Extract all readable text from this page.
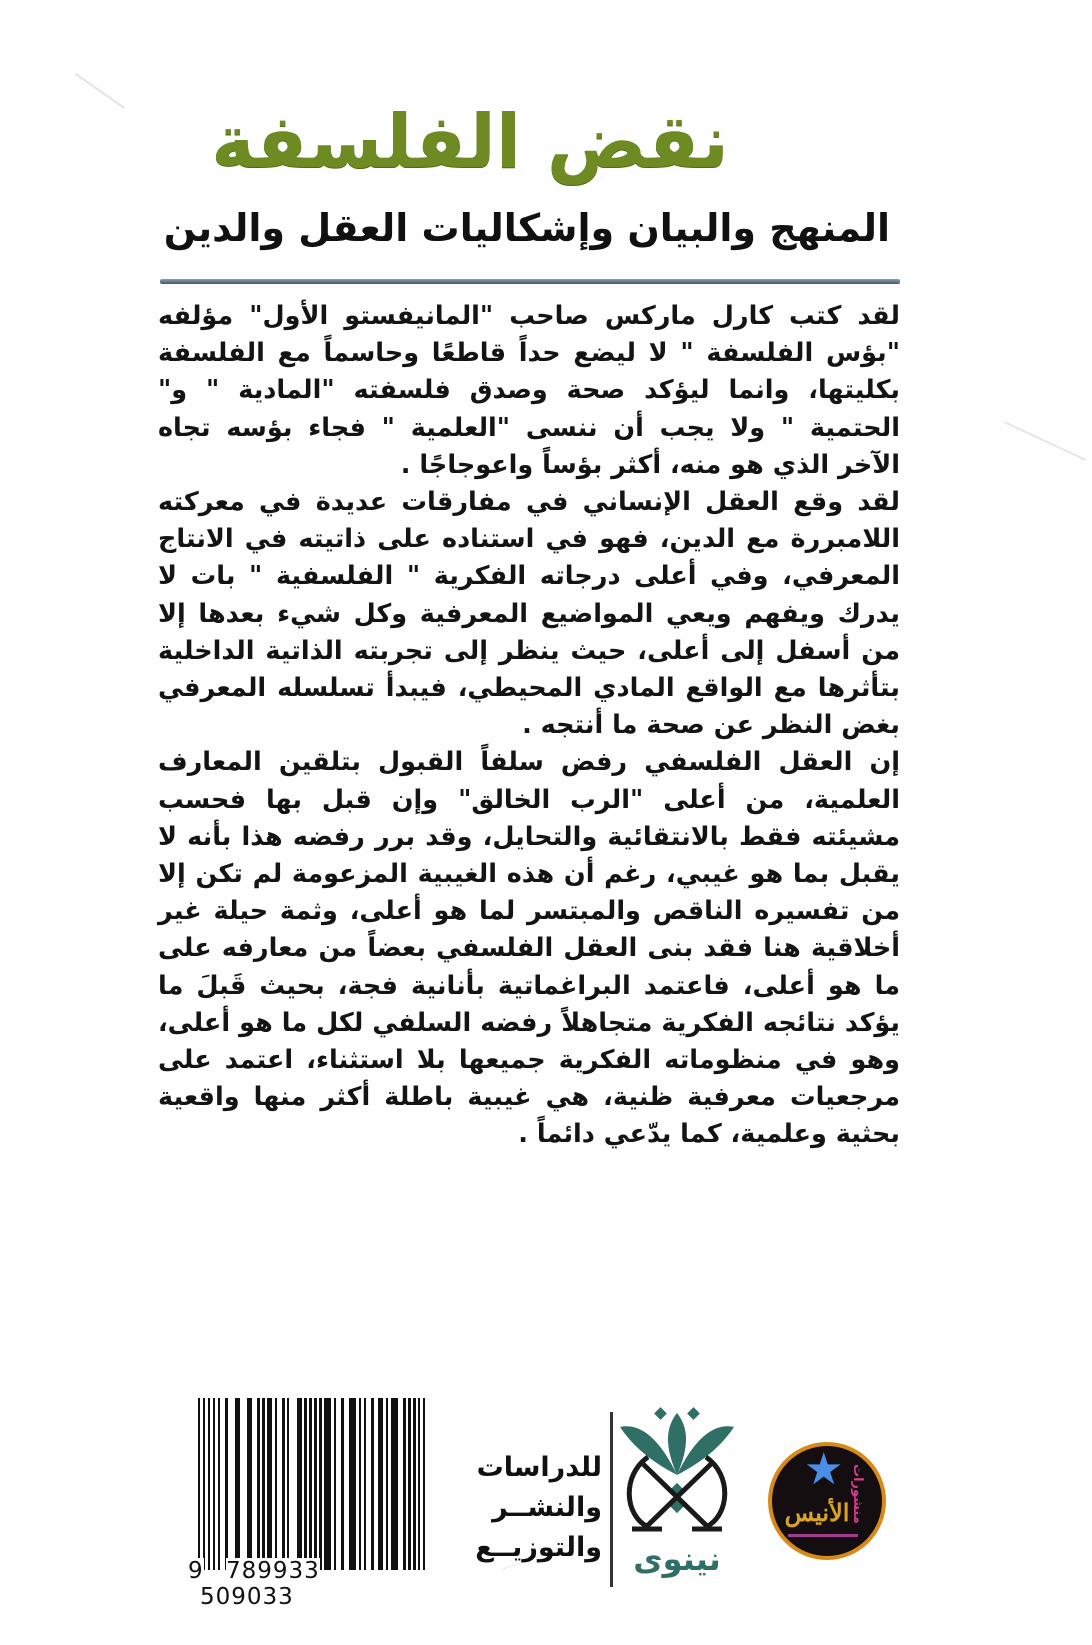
نقض الفلسفة
المنهج والبيان وإشكاليات العقل والدين

لقد كتب كارل ماركس صاحب "المانيفستو الأول" مؤلفه "بؤس الفلسفة " لا ليضع حداً قاطعًا وحاسماً مع الفلسفة بكليتها، وانما ليؤكد صحة وصدق فلسفته "المادية " و" الحتمية " ولا يجب أن ننسى "العلمية " فجاء بؤسه تجاه الآخر الذي هو منه، أكثر بؤساً واعوجاجًا .

لقد وقع العقل الإنساني في مفارقات عديدة في معركته اللامبررة مع الدين، فهو في استناده على ذاتيته في الانتاج المعرفي، وفي أعلى درجاته الفكرية " الفلسفية " بات لا يدرك ويفهم ويعي المواضيع المعرفية وكل شيء بعدها إلا من أسفل إلى أعلى، حيث ينظر إلى تجربته الذاتية الداخلية بتأثرها مع الواقع المادي المحيطي، فيبدأ تسلسله المعرفي بغض النظر عن صحة ما أنتجه .

إن العقل الفلسفي رفض سلفاً القبول بتلقين المعارف العلمية، من أعلى "الرب الخالق" وإن قبل بها فحسب مشيئته فقط بالانتقائية والتحايل، وقد برر رفضه هذا بأنه لا يقبل بما هو غيبي، رغم أن هذه الغيبية المزعومة لم تكن إلا من تفسيره الناقص والمبتسر لما هو أعلى، وثمة حيلة غير أخلاقية هنا فقد بنى العقل الفلسفي بعضاً من معارفه على ما هو أعلى، فاعتمد البراغماتية بأنانية فجة، بحيث قَبلَ ما يؤكد نتائجه الفكرية متجاهلاً رفضه السلفي لكل ما هو أعلى، وهو في منظوماته الفكرية جميعها بلا استثناء، اعتمد على مرجعيات معرفية ظنية، هي غيبية باطلة أكثر منها واقعية بحثية وعلمية، كما يدّعي دائماً .

9 789933 509033
للدراسات
والنشــر
والتوزيــع نينوى
★
الأنيس منشورات
